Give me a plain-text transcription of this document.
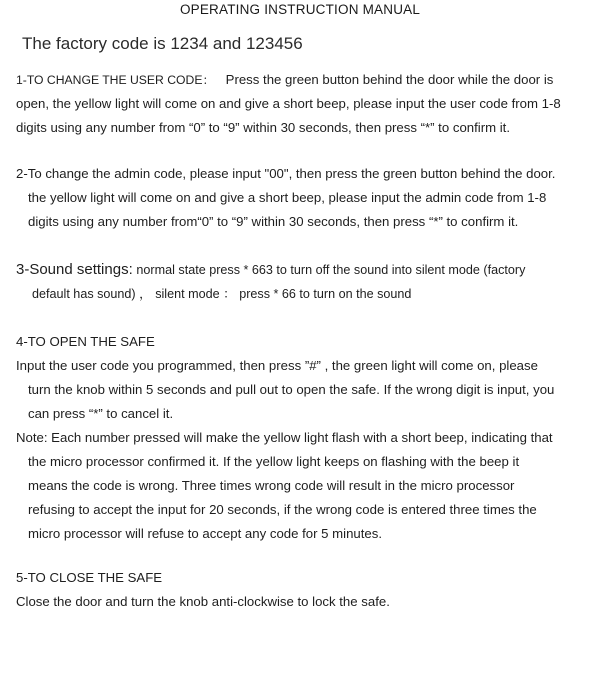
OPERATING INSTRUCTION MANUAL
The factory code is 1234 and 123456
1-TO CHANGE THE USER CODE： Press the green button behind the door while the door is
open, the yellow light will come on and give a short beep, please input the user code from 1-8
digits using any number from “0” to “9” within 30 seconds, then press “*” to confirm it.
2-To change the admin code, please input "00", then press the green button behind the door.
the yellow light will come on and give a short beep, please input the admin code from 1-8
digits using any number from“0” to “9” within 30 seconds, then press “*” to confirm it.
3-Sound settings: normal state press * 663 to turn off the sound into silent mode (factory
default has sound) ， silent mode ： press * 66 to turn on the sound
4-TO OPEN THE SAFE
Input the user code you programmed, then press ”#” , the green light will come on, please
turn the knob within 5 seconds and pull out to open the safe. If the wrong digit is input, you
can press “*” to cancel it.
Note: Each number pressed will make the yellow light flash with a short beep, indicating that
the micro processor confirmed it. If the yellow light keeps on flashing with the beep it
means the code is wrong. Three times wrong code will result in the micro processor
refusing to accept the input for 20 seconds, if the wrong code is entered three times the
micro processor will refuse to accept any code for 5 minutes.
5-TO CLOSE THE SAFE
Close the door and turn the knob anti-clockwise to lock the safe.
